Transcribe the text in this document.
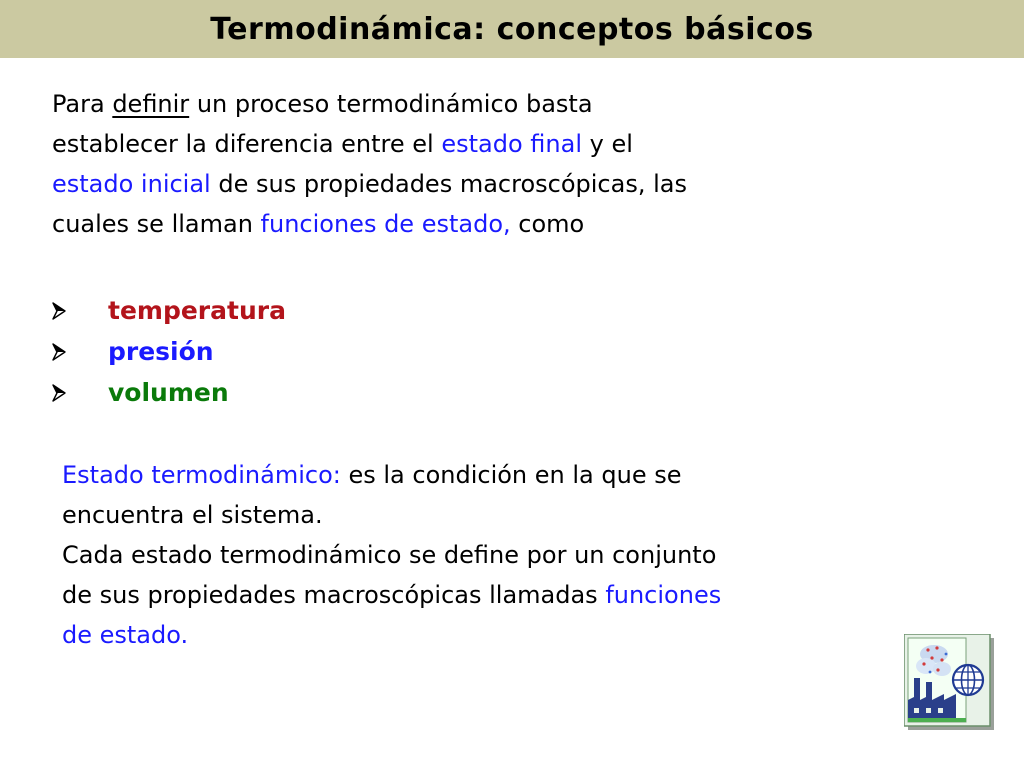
Termodinámica: conceptos básicos

Para definir un proceso termodinámico basta
establecer la diferencia entre el estado final y el
estado inicial de sus propiedades macroscópicas, las
cuales se llaman funciones de estado, como

temperatura
presión
volumen

Estado termodinámico: es la condición en la que se
encuentra el sistema.
Cada estado termodinámico se define por un conjunto
de sus propiedades macroscópicas llamadas funciones
de estado.
